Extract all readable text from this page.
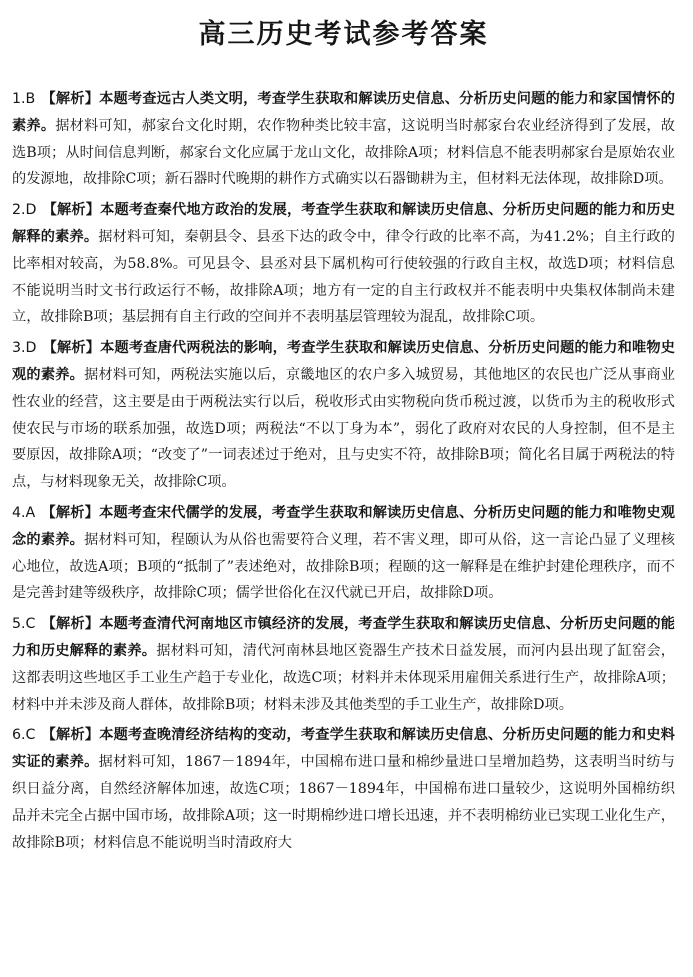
高三历史考试参考答案

1.B 【解析】本题考查远古人类文明，考查学生获取和解读历史信息、分析历史问题的能力和家国情怀的素养。据材料可知，郝家台文化时期，农作物种类比较丰富，这说明当时郝家台农业经济得到了发展，故选B项；从时间信息判断，郝家台文化应属于龙山文化，故排除A项；材料信息不能表明郝家台是原始农业的发源地，故排除C项；新石器时代晚期的耕作方式确实以石器锄耕为主，但材料无法体现，故排除D项。

2.D 【解析】本题考查秦代地方政治的发展，考查学生获取和解读历史信息、分析历史问题的能力和历史解释的素养。据材料可知，秦朝县令、县丞下达的政令中，律令行政的比率不高，为41.2%；自主行政的比率相对较高，为58.8%。可见县令、县丞对县下属机构可行使较强的行政自主权，故选D项；材料信息不能说明当时文书行政运行不畅，故排除A项；地方有一定的自主行政权并不能表明中央集权体制尚未建立，故排除B项；基层拥有自主行政的空间并不表明基层管理较为混乱，故排除C项。

3.D 【解析】本题考查唐代两税法的影响，考查学生获取和解读历史信息、分析历史问题的能力和唯物史观的素养。据材料可知，两税法实施以后，京畿地区的农户多入城贸易，其他地区的农民也广泛从事商业性农业的经营，这主要是由于两税法实行以后，税收形式由实物税向货币税过渡，以货币为主的税收形式使农民与市场的联系加强，故选D项；两税法“不以丁身为本”，弱化了政府对农民的人身控制，但不是主要原因，故排除A项；“改变了”一词表述过于绝对，且与史实不符，故排除B项；简化名目属于两税法的特点，与材料现象无关，故排除C项。

4.A 【解析】本题考查宋代儒学的发展，考查学生获取和解读历史信息、分析历史问题的能力和唯物史观念的素养。据材料可知，程颐认为从俗也需要符合义理，若不害义理，即可从俗，这一言论凸显了义理核心地位，故选A项；B项的“抵制了”表述绝对，故排除B项；程颐的这一解释是在维护封建伦理秩序，而不是完善封建等级秩序，故排除C项；儒学世俗化在汉代就已开启，故排除D项。

5.C 【解析】本题考查清代河南地区市镇经济的发展，考查学生获取和解读历史信息、分析历史问题的能力和历史解释的素养。据材料可知，清代河南林县地区瓷器生产技术日益发展，而河内县出现了缸窑会，这都表明这些地区手工业生产趋于专业化，故选C项；材料并未体现采用雇佣关系进行生产，故排除A项；材料中并未涉及商人群体，故排除B项；材料未涉及其他类型的手工业生产，故排除D项。

6.C 【解析】本题考查晚清经济结构的变动，考查学生获取和解读历史信息、分析历史问题的能力和史料实证的素养。据材料可知，1867－1894年，中国棉布进口量和棉纱量进口呈增加趋势，这表明当时纺与织日益分离，自然经济解体加速，故选C项；1867－1894年，中国棉布进口量较少，这说明外国棉纺织品并未完全占据中国市场，故排除A项；这一时期棉纱进口增长迅速，并不表明棉纺业已实现工业化生产，故排除B项；材料信息不能说明当时清政府大
